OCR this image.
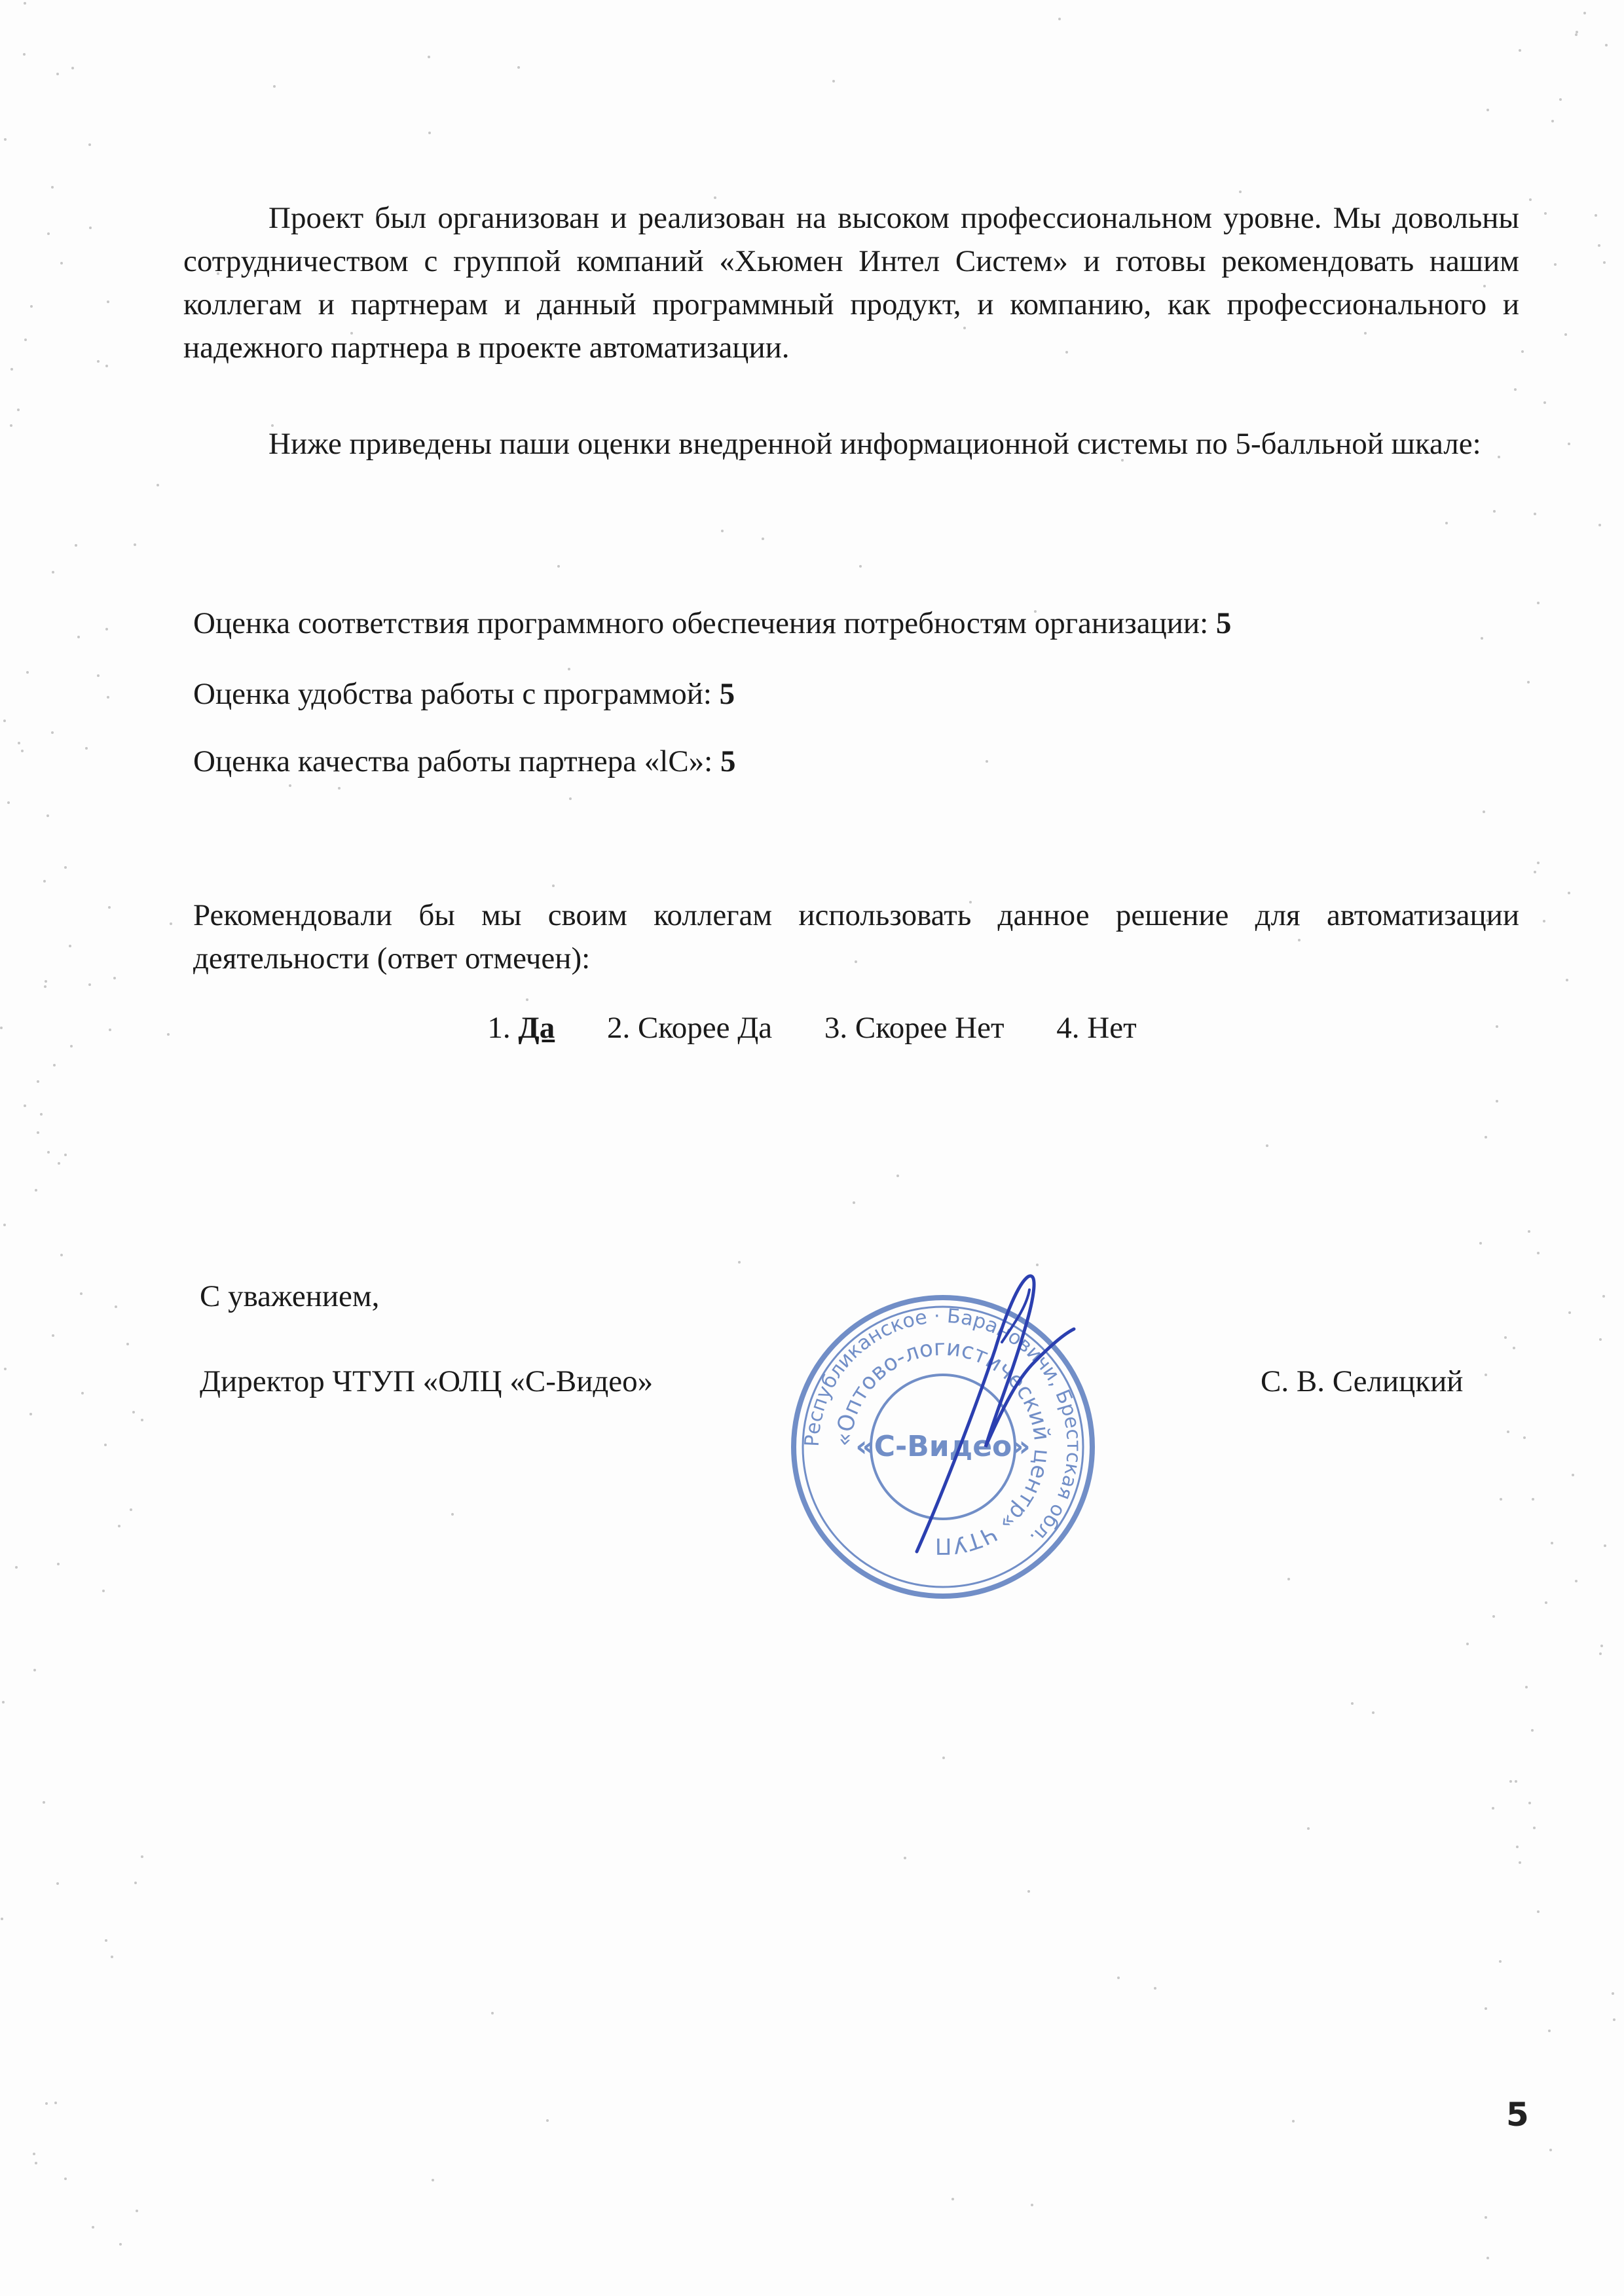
Проект был организован и реализован на высоком профессиональном уровне. Мы довольны сотрудничеством с группой компаний «Хьюмен Интел Систем» и готовы рекомендовать нашим коллегам и партнерам и данный программный продукт, и компанию, как профессионального и надежного партнера в проекте автоматизации.

Ниже приведены паши оценки внедренной информационной системы по 5-балльной шкале:

Оценка соответствия программного обеспечения потребностям организации: 5
Оценка удобства работы с программой: 5
Оценка качества работы партнера «lC»: 5

Рекомендовали бы мы своим коллегам использовать данное решение для автоматизации деятельности (ответ отмечен):

1. Да 2. Скорее Да 3. Скорее Нет 4. Нет
С уважением,
Директор ЧТУП «ОЛЦ «С-Видео»	С. В. Селицкий
Республиканское · Барановичи, Брестская обл.
«Оптово-логистический центр» ЧТУП
«С-Видео»
5
